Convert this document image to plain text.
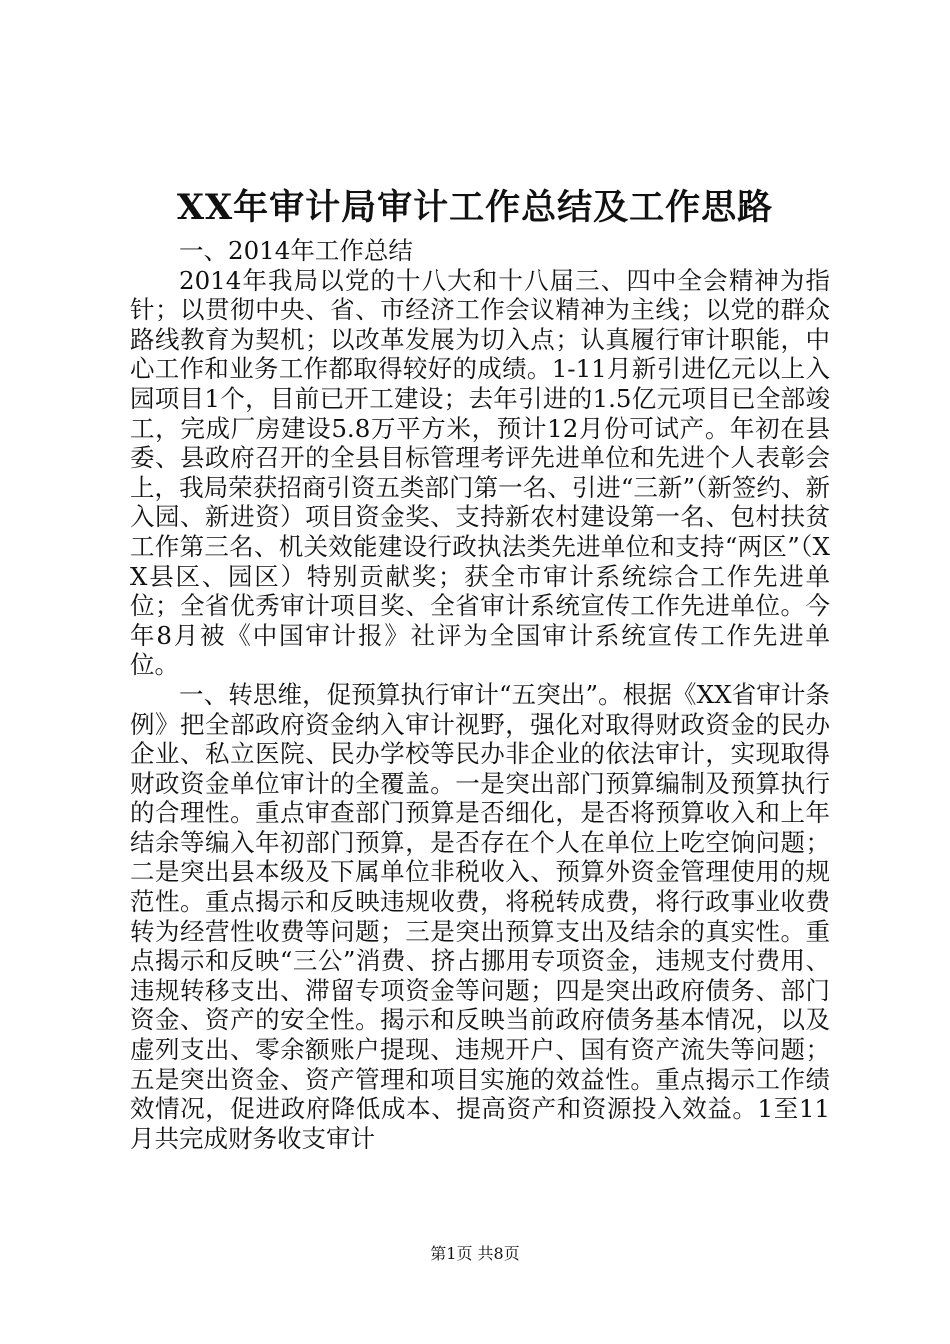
XX年审计局审计工作总结及工作思路

一、2014年工作总结

2014年我局以党的十八大和十八届三、四中全会精神为指针；以贯彻中央、省、市经济工作会议精神为主线；以党的群众路线教育为契机；以改革发展为切入点；认真履行审计职能，中心工作和业务工作都取得较好的成绩。1-11月新引进亿元以上入园项目1个，目前已开工建设；去年引进的1.5亿元项目已全部竣工，完成厂房建设5.8万平方米，预计12月份可试产。年初在县委、县政府召开的全县目标管理考评先进单位和先进个人表彰会上，我局荣获招商引资五类部门第一名、引进“三新”（新签约、新入园、新进资）项目资金奖、支持新农村建设第一名、包村扶贫工作第三名、机关效能建设行政执法类先进单位和支持“两区”（XX县区、园区）特别贡献奖；获全市审计系统综合工作先进单位；全省优秀审计项目奖、全省审计系统宣传工作先进单位。今年8月被《中国审计报》社评为全国审计系统宣传工作先进单位。

一、转思维，促预算执行审计“五突出”。根据《XX省审计条例》把全部政府资金纳入审计视野，强化对取得财政资金的民办企业、私立医院、民办学校等民办非企业的依法审计，实现取得财政资金单位审计的全覆盖。一是突出部门预算编制及预算执行的合理性。重点审查部门预算是否细化，是否将预算收入和上年结余等编入年初部门预算，是否存在个人在单位上吃空饷问题；二是突出县本级及下属单位非税收入、预算外资金管理使用的规范性。重点揭示和反映违规收费，将税转成费，将行政事业收费转为经营性收费等问题；三是突出预算支出及结余的真实性。重点揭示和反映“三公”消费、挤占挪用专项资金，违规支付费用、违规转移支出、滞留专项资金等问题；四是突出政府债务、部门资金、资产的安全性。揭示和反映当前政府债务基本情况，以及虚列支出、零余额账户提现、违规开户、国有资产流失等问题；五是突出资金、资产管理和项目实施的效益性。重点揭示工作绩效情况，促进政府降低成本、提高资产和资源投入效益。1至11月共完成财务收支审计

第1页 共8页
